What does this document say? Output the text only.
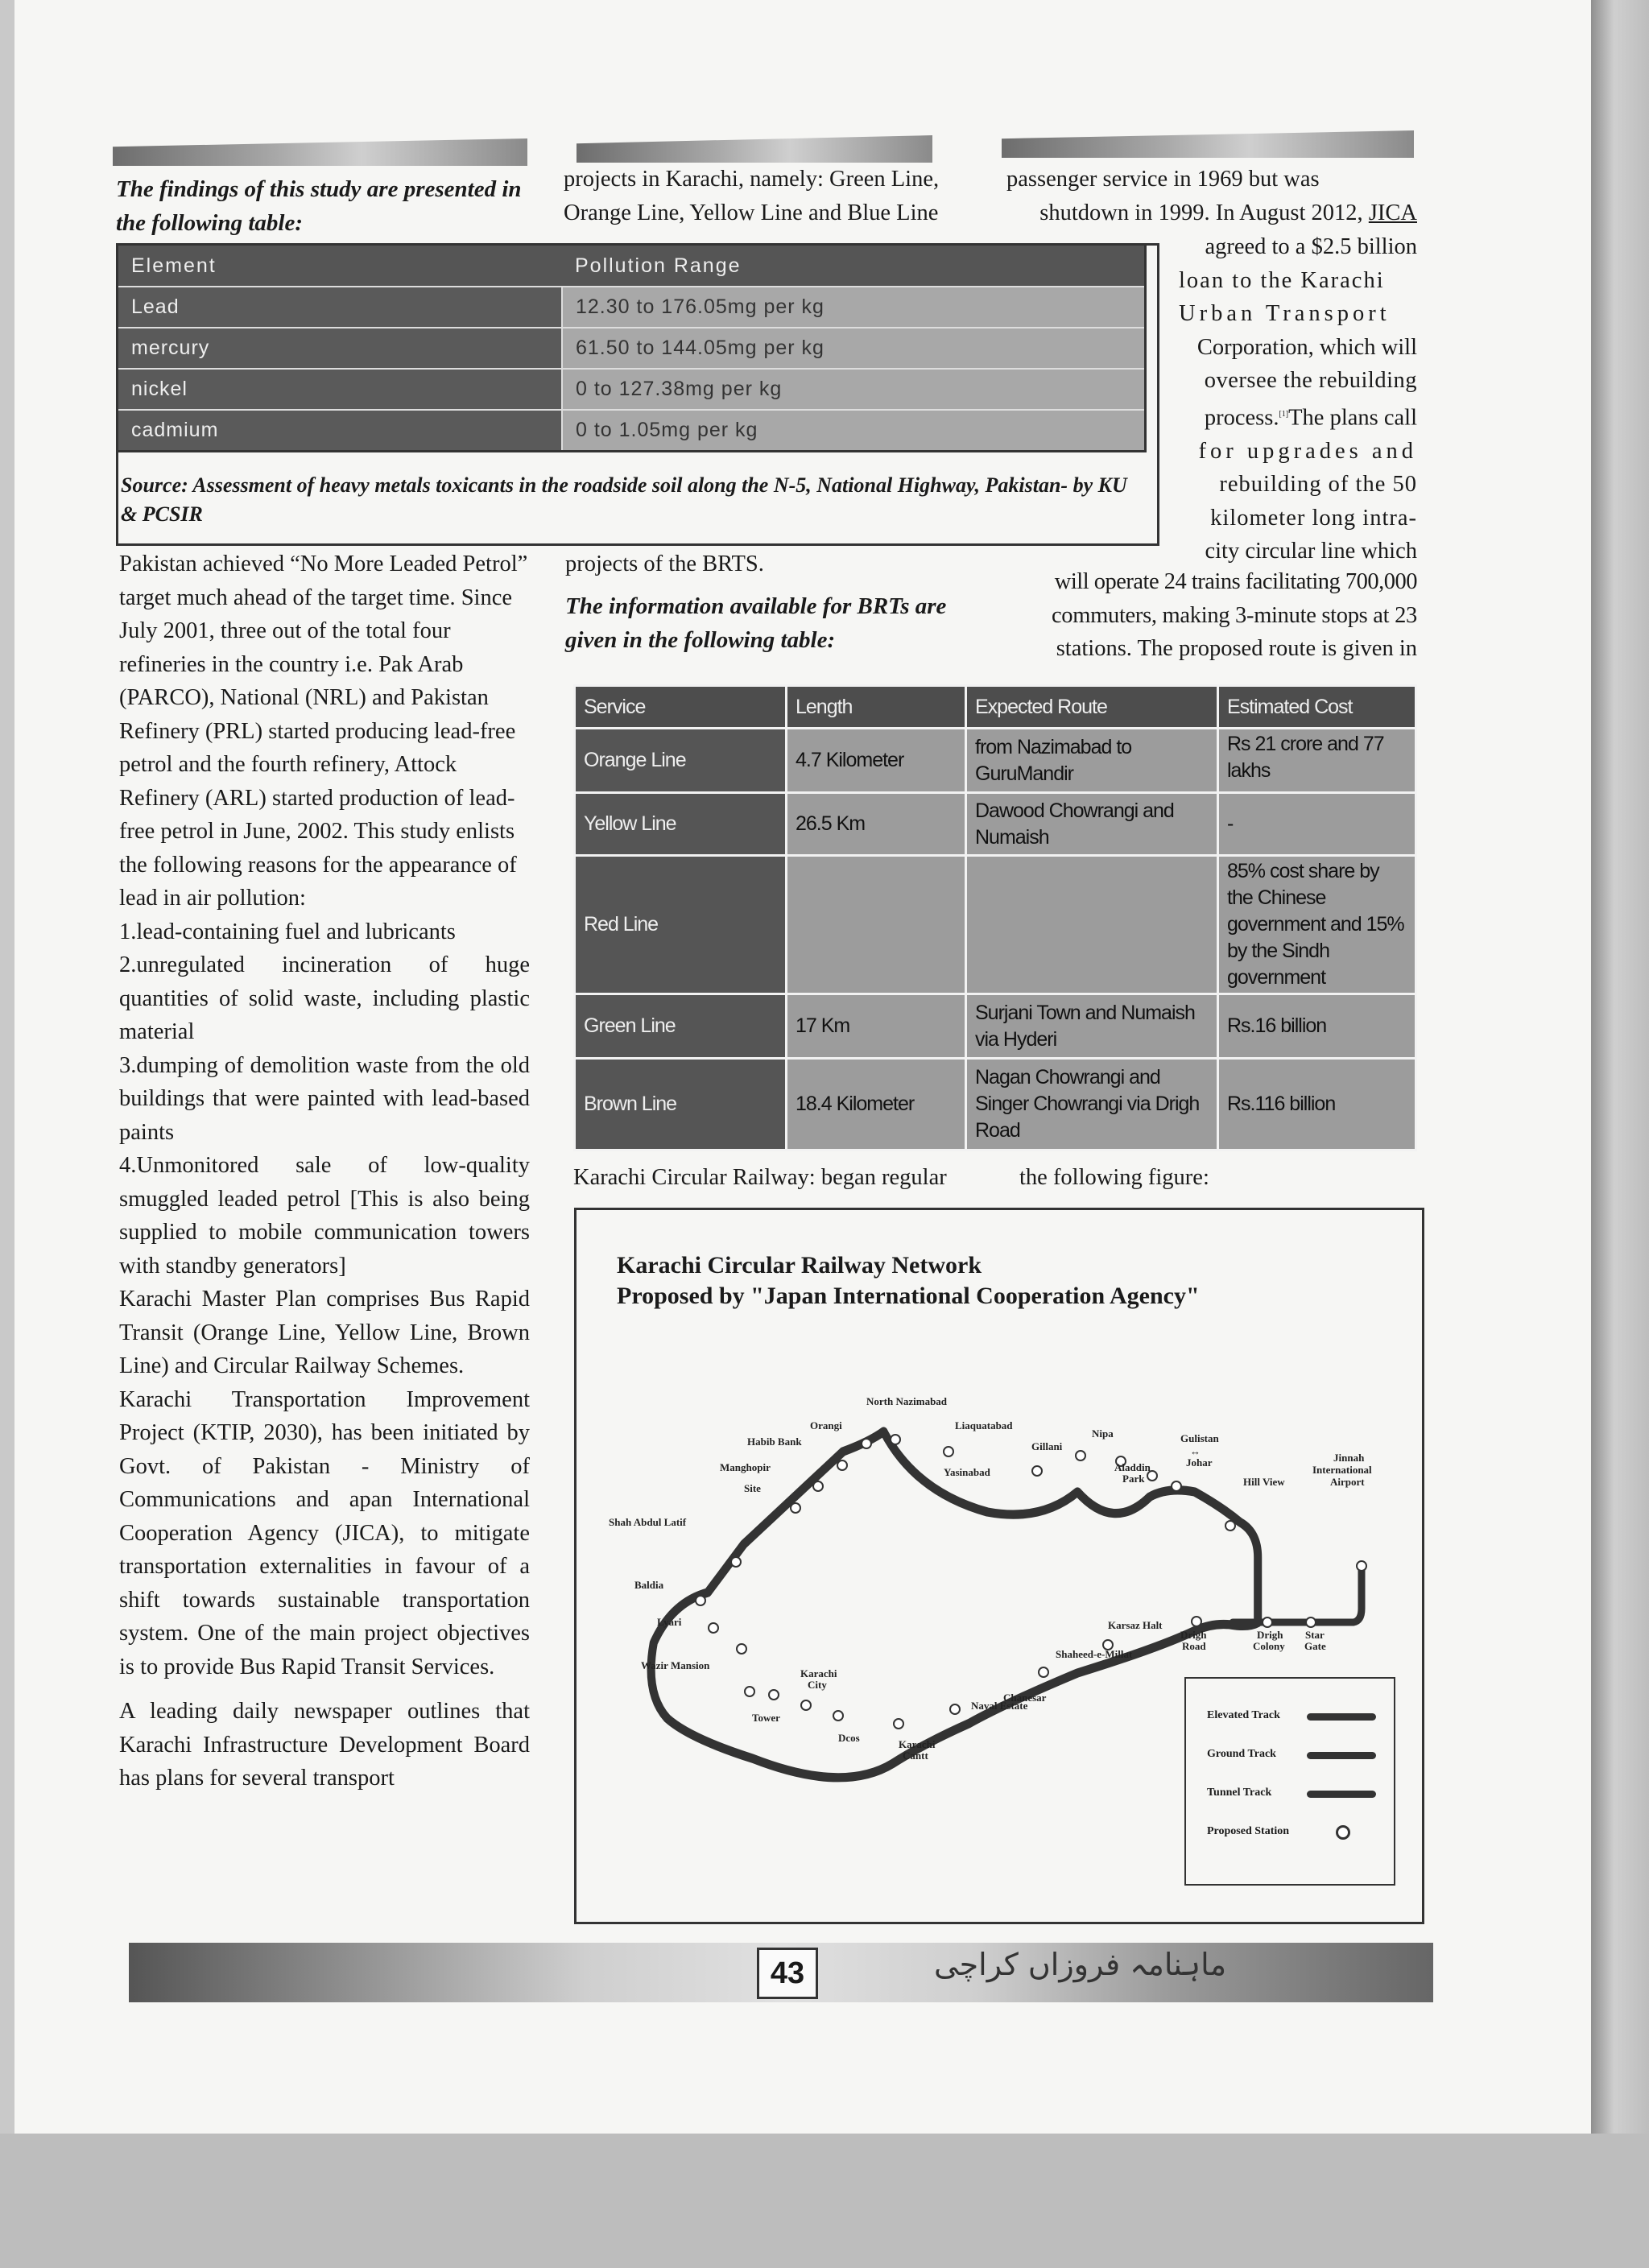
The findings of this study are presented in the following table:
projects in Karachi, namely: Green Line, Orange Line, Yellow Line and Blue Line
passenger service in 1969 but was
shutdown in 1999. In August 2012, JICA
agreed to a $2.5 billion
loan to the Karachi
Urban Transport
Corporation, which will
oversee the rebuilding
process.[1]The plans call
for upgrades and
rebuilding of the 50
kilometer long intra-
city circular line which
will operate 24 trains facilitating 700,000
commuters, making 3-minute stops at 23
stations. The proposed route is given in
Element	Pollution Range
Lead	12.30 to 176.05mg per kg
mercury	61.50 to 144.05mg per kg
nickel	0 to 127.38mg per kg
cadmium	0 to 1.05mg per kg
Source: Assessment of heavy metals toxicants in the roadside soil along the N-5, National Highway, Pakistan- by KU & PCSIR

Pakistan achieved “No More Leaded Petrol” target much ahead of the target time. Since July 2001, three out of the total four refineries in the country i.e. Pak Arab (PARCO), National (NRL) and Pakistan Refinery (PRL) started producing lead-free petrol and the fourth refinery, Attock Refinery (ARL) started production of lead-free petrol in June, 2002. This study enlists the following reasons for the appearance of lead in air pollution:

1.lead-containing fuel and lubricants

2.unregulated incineration of huge quantities of solid waste, including plastic material

3.dumping of demolition waste from the old buildings that were painted with lead-based paints

4.Unmonitored sale of low-quality smuggled leaded petrol [This is also being supplied to mobile communication towers with standby generators]

Karachi Master Plan comprises Bus Rapid Transit (Orange Line, Yellow Line, Brown Line) and Circular Railway Schemes.

Karachi Transportation Improvement Project (KTIP, 2030), has been initiated by Govt. of Pakistan - Ministry of Communications and apan International Cooperation Agency (JICA), to mitigate transportation externalities in favour of a shift towards sustainable transportation system. One of the main project objectives is to provide Bus Rapid Transit Services.

A leading daily newspaper outlines that Karachi Infrastructure Development Board has plans for several transport

projects of the BRTS.
The information available for BRTs are given in the following table:
Service	Length	Expected Route	Estimated Cost
Orange Line	4.7 Kilometer	from Nazimabad to GuruMandir	Rs 21 crore and 77 lakhs
Yellow Line	26.5 Km	Dawood Chowrangi and Numaish	-
Red Line			85% cost share by the Chinese government and 15% by the Sindh government
Green Line	17 Km	Surjani Town and Numaish via Hyderi	Rs.16 billion
Brown Line	18.4 Kilometer	Nagan Chowrangi and Singer Chowrangi via Drigh Road	Rs.116 billion
Karachi Circular Railway: began regular	the following figure:
Karachi Circular Railway Network
Proposed by "Japan International Cooperation Agency"
North Nazimabad
Orangi	Liaquatabad
Habib Bank	Gillani
Nipa	Gulistan
↔
Johar
Manghopir	Yasinabad	Aladdin
Park
Site
Hill View
Jinnah
International
Airport
Shah Abdul Latif
Baldia
Drigh
Road
Drigh
Colony
Star
Gate
Karsaz Halt
Lyari
Shaheed-e-Millat
Wazir Mansion
Karachi
City
Chanesar
Tower
Naval Estate
Dcos
Karachi
Cantt
Elevated Track
Ground Track
Tunnel Track
Proposed Station
43	ماہنامہ فروزاں کراچی
